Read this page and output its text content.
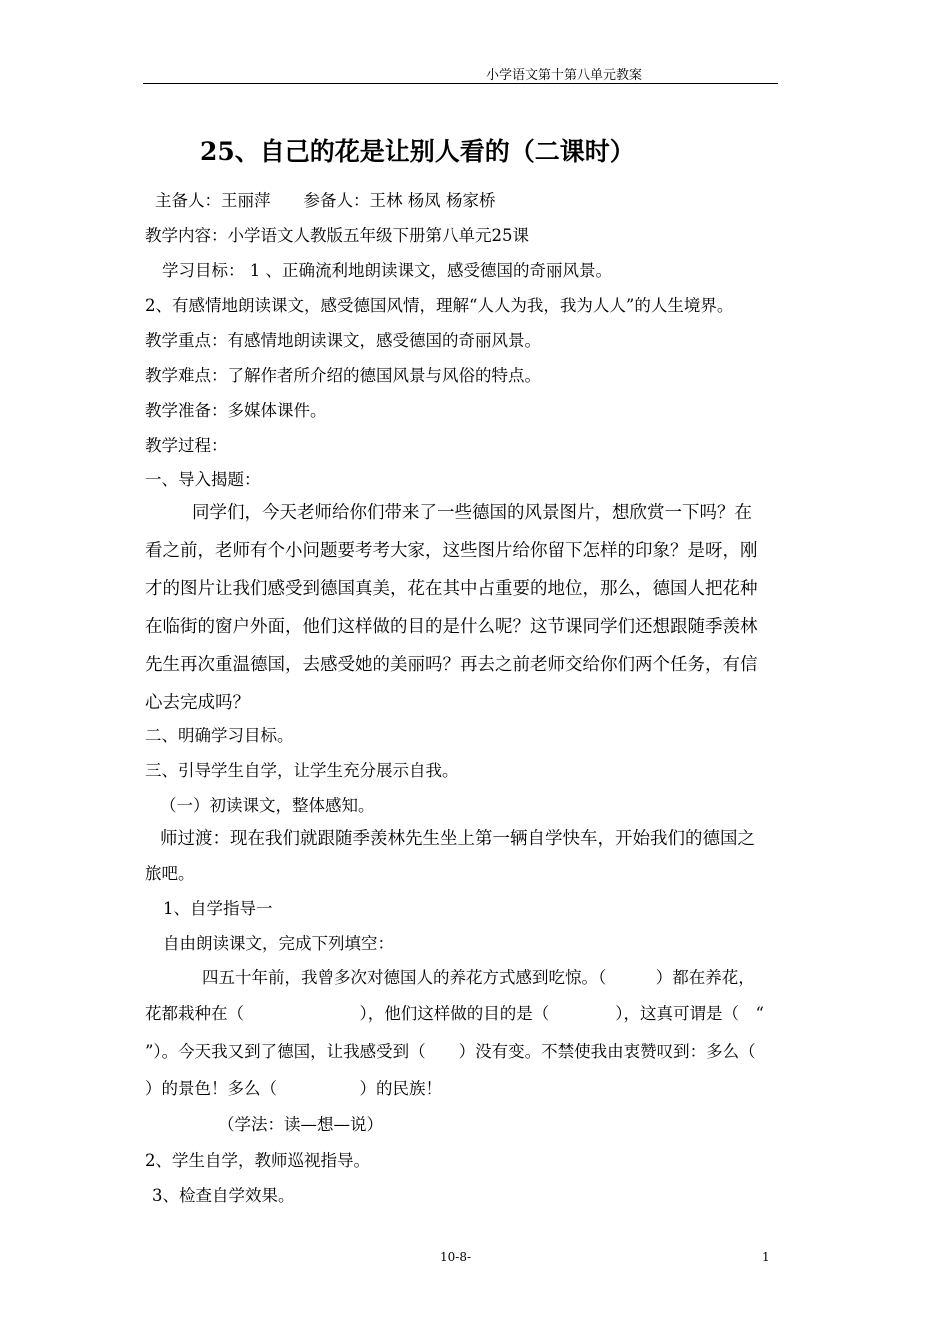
小学语文第十第八单元教案
25、自己的花是让别人看的（二课时）
主备人：王丽萍　　参备人：王林 杨凤 杨家桥
教学内容：小学语文人教版五年级下册第八单元25课
学习目标： 1 、正确流利地朗读课文，感受德国的奇丽风景。
2、有感情地朗读课文，感受德国风情，理解“人人为我，我为人人”的人生境界。
教学重点：有感情地朗读课文，感受德国的奇丽风景。
教学难点：了解作者所介绍的德国风景与风俗的特点。
教学准备：多媒体课件。
教学过程：
一、导入揭题：
同学们，今天老师给你们带来了一些德国的风景图片，想欣赏一下吗？在
看之前，老师有个小问题要考考大家，这些图片给你留下怎样的印象？是呀，刚
才的图片让我们感受到德国真美，花在其中占重要的地位，那么，德国人把花种
在临街的窗户外面，他们这样做的目的是什么呢？这节课同学们还想跟随季羡林
先生再次重温德国，去感受她的美丽吗？再去之前老师交给你们两个任务，有信
心去完成吗？
二、明确学习目标。
三、引导学生自学，让学生充分展示自我。
（一）初读课文，整体感知。
师过渡：现在我们就跟随季羡林先生坐上第一辆自学快车，开始我们的德国之
旅吧。
1、自学指导一
自由朗读课文，完成下列填空：
四五十年前，我曾多次对德国人的养花方式感到吃惊。（　　　）都在养花，
花都栽种在（　　　　　　　），他们这样做的目的是（　　　　），这真可谓是（　“
”）。今天我又到了德国，让我感受到（　　）没有变。不禁使我由衷赞叹到：多么（
）的景色！多么（　　　　　）的民族！
（学法：读—想—说）
2、学生自学，教师巡视指导。
3、检查自学效果。
10-8-	1
